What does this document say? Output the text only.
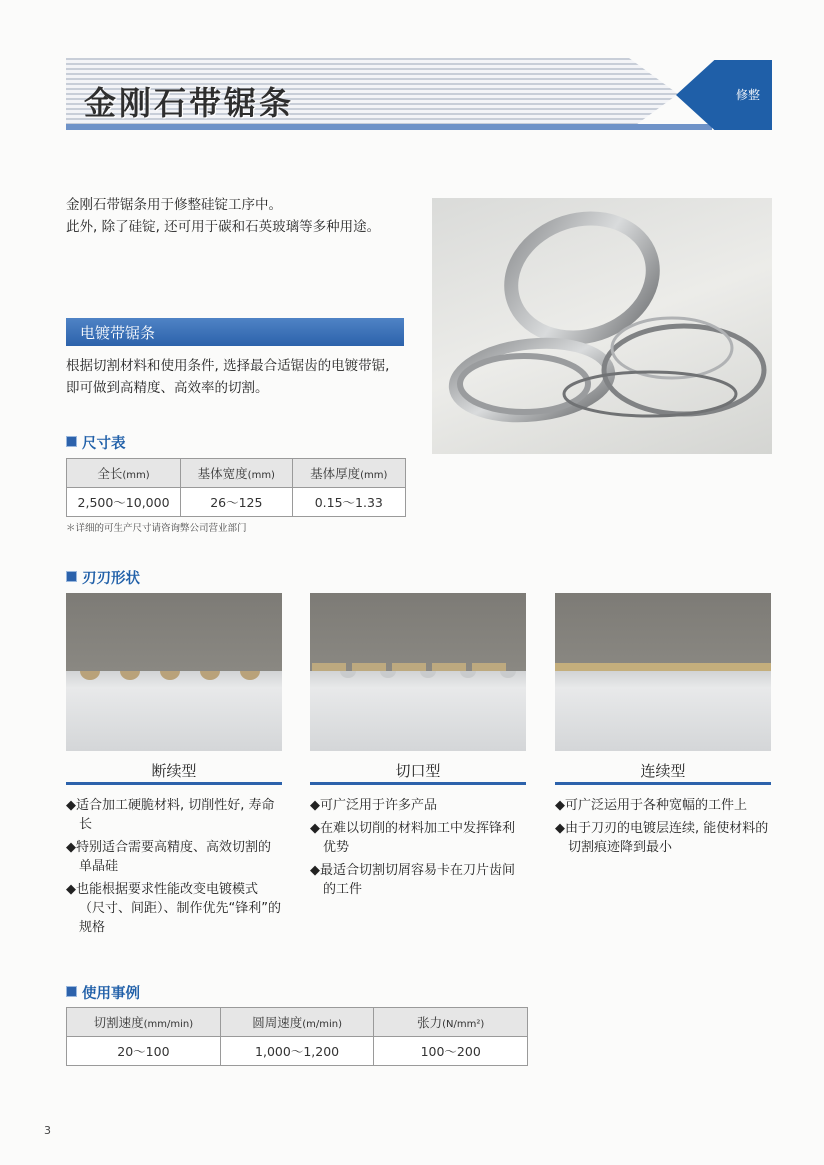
金刚石带锯条	修整
金刚石带锯条用于修整硅锭工序中。
此外, 除了硅锭, 还可用于碳和石英玻璃等多种用途。
电镀带锯条
根据切割材料和使用条件, 选择最合适锯齿的电镀带锯,
即可做到高精度、高效率的切割。
尺寸表
全长(mm)	基体宽度(mm)	基体厚度(mm)
2,500～10,000	26～125	0.15～1.33
＊详细的可生产尺寸请咨询弊公司营业部门
刃刃形状
断续型
◆适合加工硬脆材料, 切削性好, 寿命长
◆特别适合需要高精度、高效切割的单晶硅
◆也能根据要求性能改变电镀模式（尺寸、间距）、制作优先“锋利”的规格
切口型
◆可广泛用于许多产品
◆在难以切削的材料加工中发挥锋利优势
◆最适合切割切屑容易卡在刀片齿间的工件
连续型
◆可广泛运用于各种宽幅的工件上
◆由于刀刃的电镀层连续, 能使材料的切割痕迹降到最小
使用事例
切割速度(mm/min)	圆周速度(m/min)	张力(N/mm²)
20～100	1,000～1,200	100～200
3
